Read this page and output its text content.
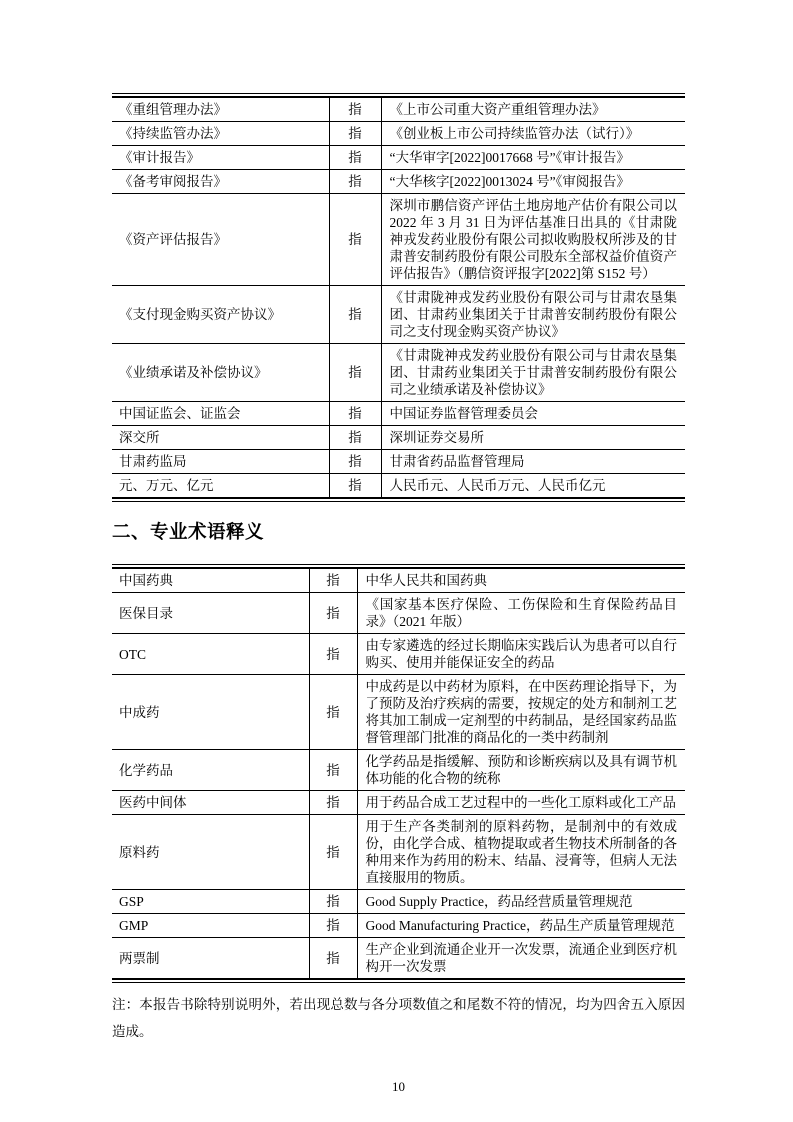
《重组管理办法》	指	《上市公司重大资产重组管理办法》
《持续监管办法》	指	《创业板上市公司持续监管办法（试行）》
《审计报告》	指	“大华审字[2022]0017668 号”《审计报告》
《备考审阅报告》	指	“大华核字[2022]0013024 号”《审阅报告》
《资产评估报告》	指	深圳市鹏信资产评估土地房地产估价有限公司以 2022 年 3 月 31 日为评估基准日出具的《甘肃陇神戎发药业股份有限公司拟收购股权所涉及的甘肃普安制药股份有限公司股东全部权益价值资产评估报告》（鹏信资评报字[2022]第 S152 号）
《支付现金购买资产协议》	指	《甘肃陇神戎发药业股份有限公司与甘肃农垦集团、甘肃药业集团关于甘肃普安制药股份有限公司之支付现金购买资产协议》
《业绩承诺及补偿协议》	指	《甘肃陇神戎发药业股份有限公司与甘肃农垦集团、甘肃药业集团关于甘肃普安制药股份有限公司之业绩承诺及补偿协议》
中国证监会、证监会	指	中国证券监督管理委员会
深交所	指	深圳证券交易所
甘肃药监局	指	甘肃省药品监督管理局
元、万元、亿元	指	人民币元、人民币万元、人民币亿元
二、专业术语释义
中国药典	指	中华人民共和国药典
医保目录	指	《国家基本医疗保险、工伤保险和生育保险药品目录》（2021 年版）
OTC	指	由专家遴选的经过长期临床实践后认为患者可以自行购买、使用并能保证安全的药品
中成药	指	中成药是以中药材为原料，在中医药理论指导下，为了预防及治疗疾病的需要，按规定的处方和制剂工艺将其加工制成一定剂型的中药制品，是经国家药品监督管理部门批准的商品化的一类中药制剂
化学药品	指	化学药品是指缓解、预防和诊断疾病以及具有调节机体功能的化合物的统称
医药中间体	指	用于药品合成工艺过程中的一些化工原料或化工产品
原料药	指	用于生产各类制剂的原料药物，是制剂中的有效成份，由化学合成、植物提取或者生物技术所制备的各种用来作为药用的粉末、结晶、浸膏等，但病人无法直接服用的物质。
GSP	指	Good Supply Practice，药品经营质量管理规范
GMP	指	Good Manufacturing Practice，药品生产质量管理规范
两票制	指	生产企业到流通企业开一次发票，流通企业到医疗机构开一次发票

注：本报告书除特别说明外，若出现总数与各分项数值之和尾数不符的情况，均为四舍五入原因造成。

10
